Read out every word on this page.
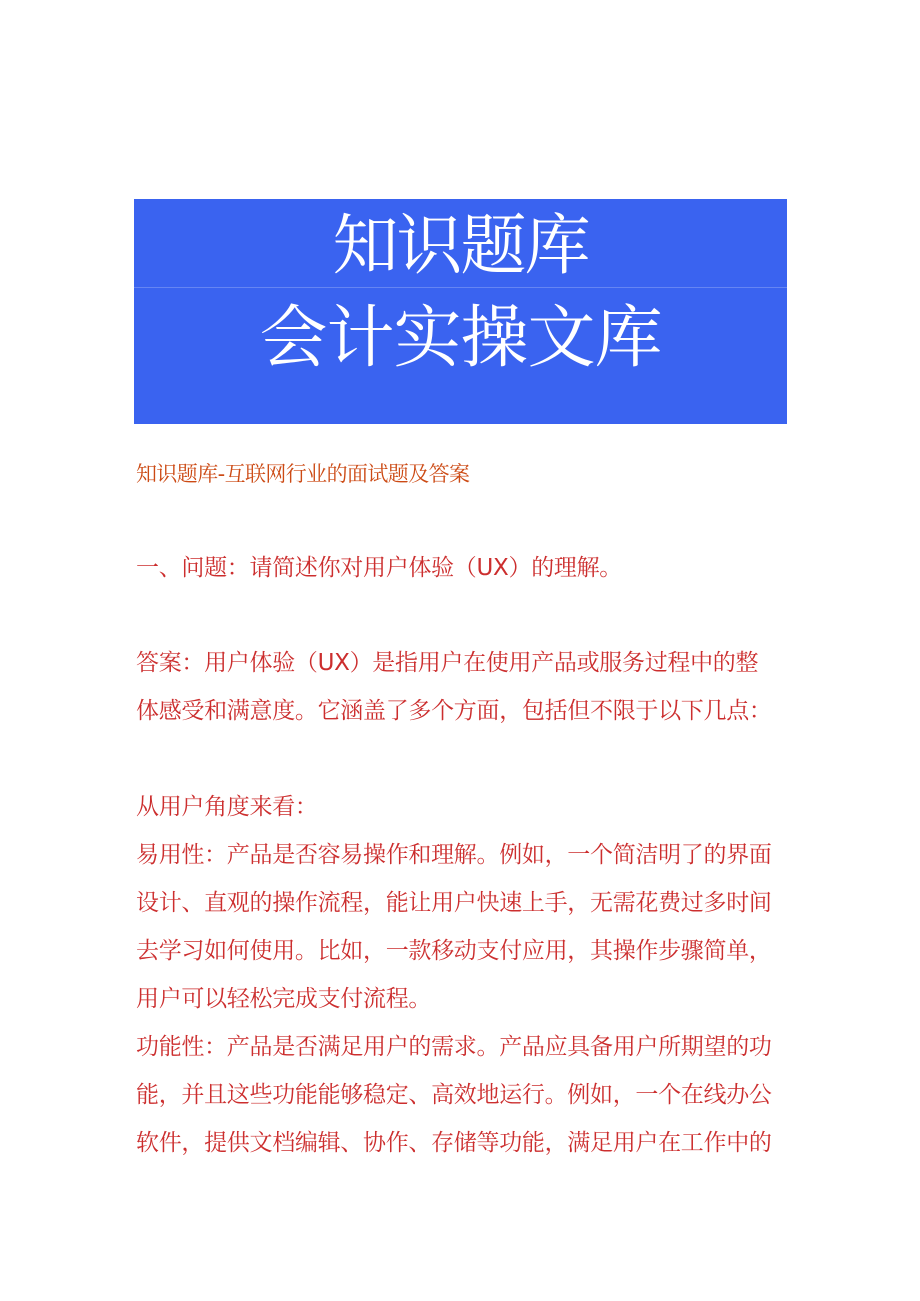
知识题库
会计实操文库
知识题库-互联网行业的面试题及答案
一、问题：请简述你对用户体验（UX）的理解。
答案：用户体验（UX）是指用户在使用产品或服务过程中的整
体感受和满意度。它涵盖了多个方面，包括但不限于以下几点：
从用户角度来看：
易用性：产品是否容易操作和理解。例如，一个简洁明了的界面
设计、直观的操作流程，能让用户快速上手，无需花费过多时间
去学习如何使用。比如，一款移动支付应用，其操作步骤简单，
用户可以轻松完成支付流程。
功能性：产品是否满足用户的需求。产品应具备用户所期望的功
能，并且这些功能能够稳定、高效地运行。例如，一个在线办公
软件，提供文档编辑、协作、存储等功能，满足用户在工作中的
